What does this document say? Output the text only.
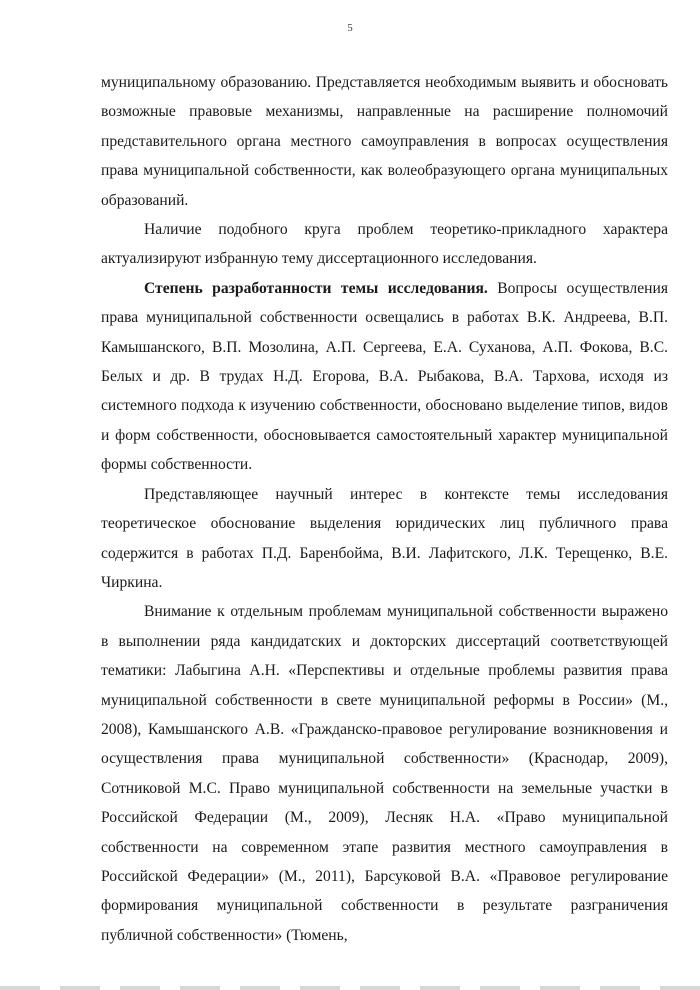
5

муниципальному образованию. Представляется необходимым выявить и обосновать возможные правовые механизмы, направленные на расширение полномочий представительного органа местного самоуправления в вопросах осуществления права муниципальной собственности, как волеобразующего органа муниципальных образований.

Наличие подобного круга проблем теоретико-прикладного характера актуализируют избранную тему диссертационного исследования.

Степень разработанности темы исследования. Вопросы осуществления права муниципальной собственности освещались в работах В.К. Андреева, В.П. Камышанского, В.П. Мозолина, А.П. Сергеева, Е.А. Суханова, А.П. Фокова, В.С. Белых и др. В трудах Н.Д. Егорова, В.А. Рыбакова, В.А. Тархова, исходя из системного подхода к изучению собственности, обосновано выделение типов, видов и форм собственности, обосновывается самостоятельный характер муниципальной формы собственности.

Представляющее научный интерес в контексте темы исследования теоретическое обоснование выделения юридических лиц публичного права содержится в работах П.Д. Баренбойма, В.И. Лафитского, Л.К. Терещенко, В.Е. Чиркина.

Внимание к отдельным проблемам муниципальной собственности выражено в выполнении ряда кандидатских и докторских диссертаций соответствующей тематики: Лабыгина А.Н. «Перспективы и отдельные проблемы развития права муниципальной собственности в свете муниципальной реформы в России» (М., 2008), Камышанского А.В. «Гражданско-правовое регулирование возникновения и осуществления права муниципальной собственности» (Краснодар, 2009), Сотниковой М.С. Право муниципальной собственности на земельные участки в Российской Федерации (М., 2009), Лесняк Н.А. «Право муниципальной собственности на современном этапе развития местного самоуправления в Российской Федерации» (М., 2011), Барсуковой В.А. «Правовое регулирование формирования муниципальной собственности в результате разграничения публичной собственности» (Тюмень,
